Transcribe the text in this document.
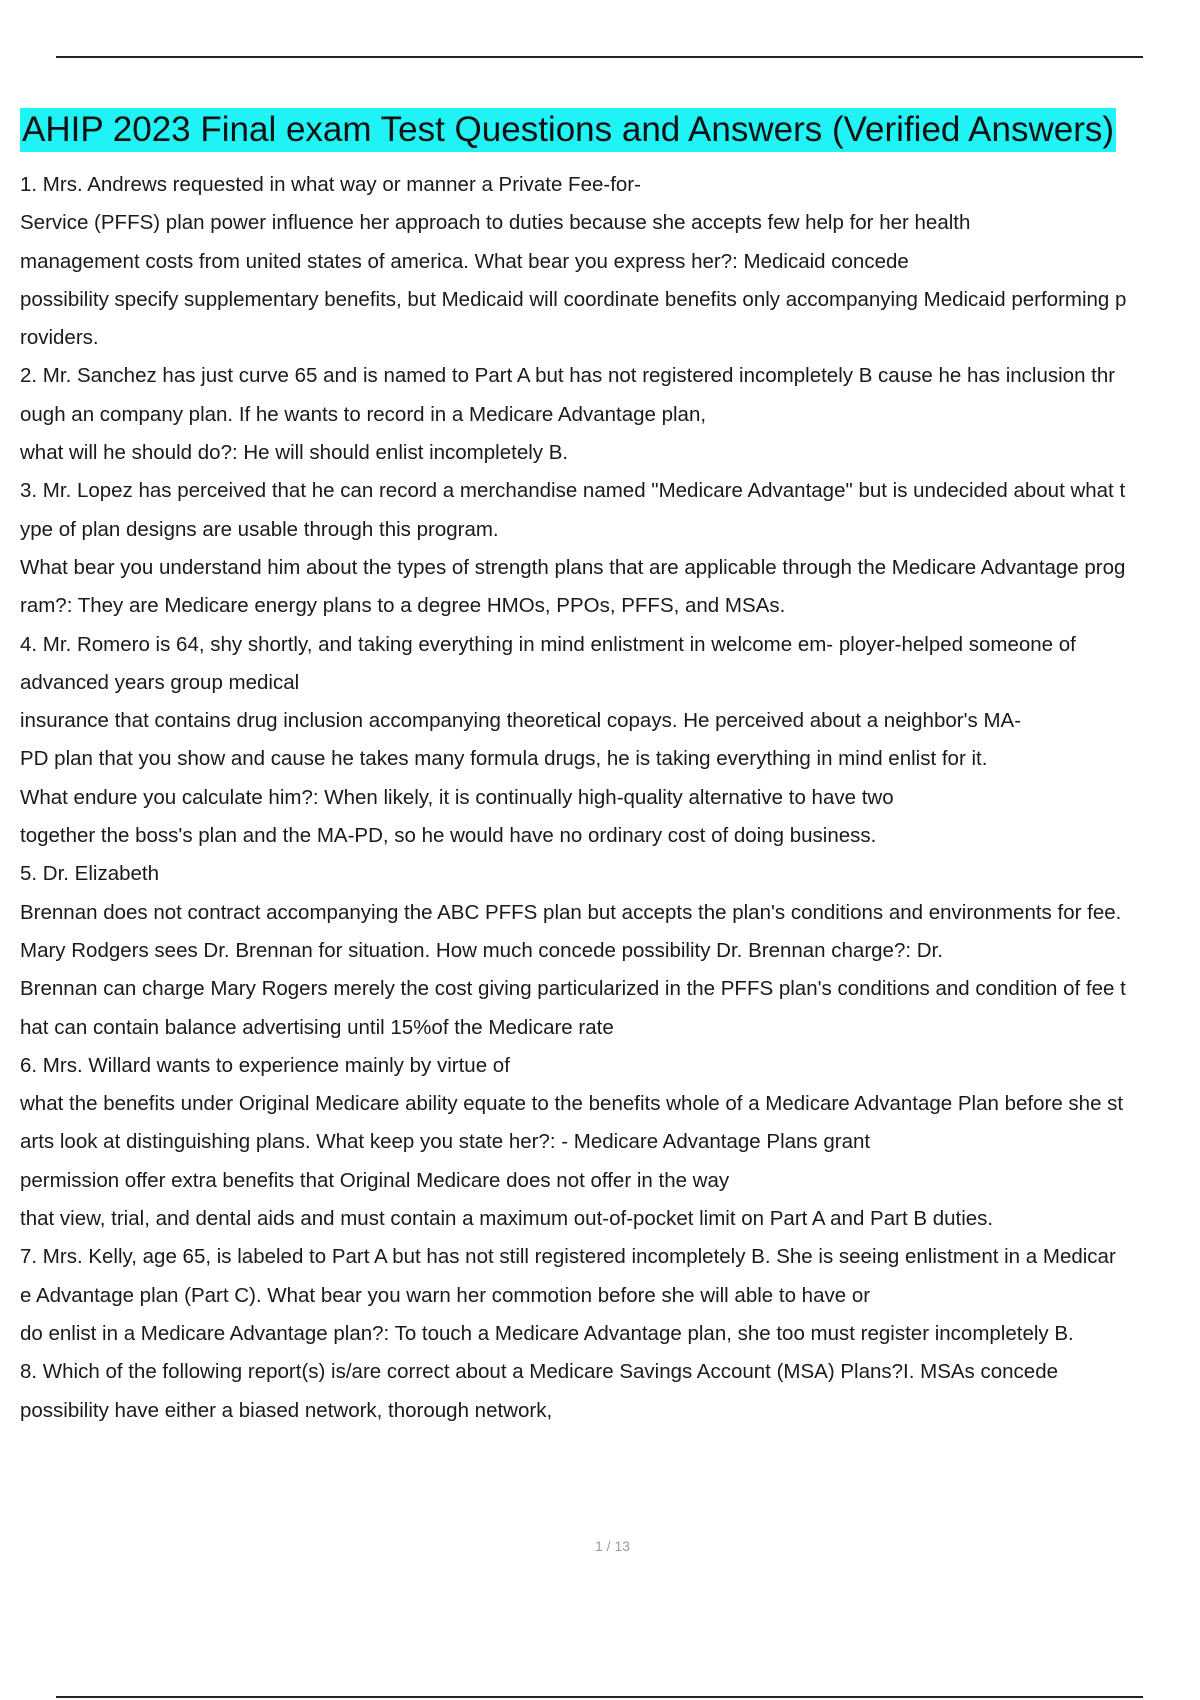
AHIP 2023 Final exam Test Questions and Answers (Verified Answers)
1. Mrs. Andrews requested in what way or manner a Private Fee-for-
Service (PFFS) plan power influence her approach to duties because she accepts few help for her health
management costs from united states of america. What bear you express her?: Medicaid concede
possibility specify supplementary benefits, but Medicaid will coordinate benefits only accompanying Medicaid performing p
roviders.
2. Mr. Sanchez has just curve 65 and is named to Part A but has not registered incompletely B cause he has inclusion thr
ough an company plan. If he wants to record in a Medicare Advantage plan,
what will he should do?: He will should enlist incompletely B.
3. Mr. Lopez has perceived that he can record a merchandise named "Medicare Advantage" but is undecided about what t
ype of plan designs are usable through this program.
What bear you understand him about the types of strength plans that are applicable through the Medicare Advantage prog
ram?: They are Medicare energy plans to a degree HMOs, PPOs, PFFS, and MSAs.
4. Mr. Romero is 64, shy shortly, and taking everything in mind enlistment in welcome em- ployer-helped someone of
advanced years group medical
insurance that contains drug inclusion accompanying theoretical copays. He perceived about a neighbor's MA-
PD plan that you show and cause he takes many formula drugs, he is taking everything in mind enlist for it.
What endure you calculate him?: When likely, it is continually high-quality alternative to have two
together the boss's plan and the MA-PD, so he would have no ordinary cost of doing business.
5. Dr. Elizabeth
Brennan does not contract accompanying the ABC PFFS plan but accepts the plan's conditions and environments for fee.
Mary Rodgers sees Dr. Brennan for situation. How much concede possibility Dr. Brennan charge?: Dr.
Brennan can charge Mary Rogers merely the cost giving particularized in the PFFS plan's conditions and condition of fee t
hat can contain balance advertising until 15%of the Medicare rate
6. Mrs. Willard wants to experience mainly by virtue of
what the benefits under Original Medicare ability equate to the benefits whole of a Medicare Advantage Plan before she st
arts look at distinguishing plans. What keep you state her?: - Medicare Advantage Plans grant
permission offer extra benefits that Original Medicare does not offer in the way
that view, trial, and dental aids and must contain a maximum out-of-pocket limit on Part A and Part B duties.
7. Mrs. Kelly, age 65, is labeled to Part A but has not still registered incompletely B. She is seeing enlistment in a Medicar
e Advantage plan (Part C). What bear you warn her commotion before she will able to have or
do enlist in a Medicare Advantage plan?: To touch a Medicare Advantage plan, she too must register incompletely B.
8. Which of the following report(s) is/are correct about a Medicare Savings Account (MSA) Plans?I. MSAs concede
possibility have either a biased network, thorough network,
1 / 13
